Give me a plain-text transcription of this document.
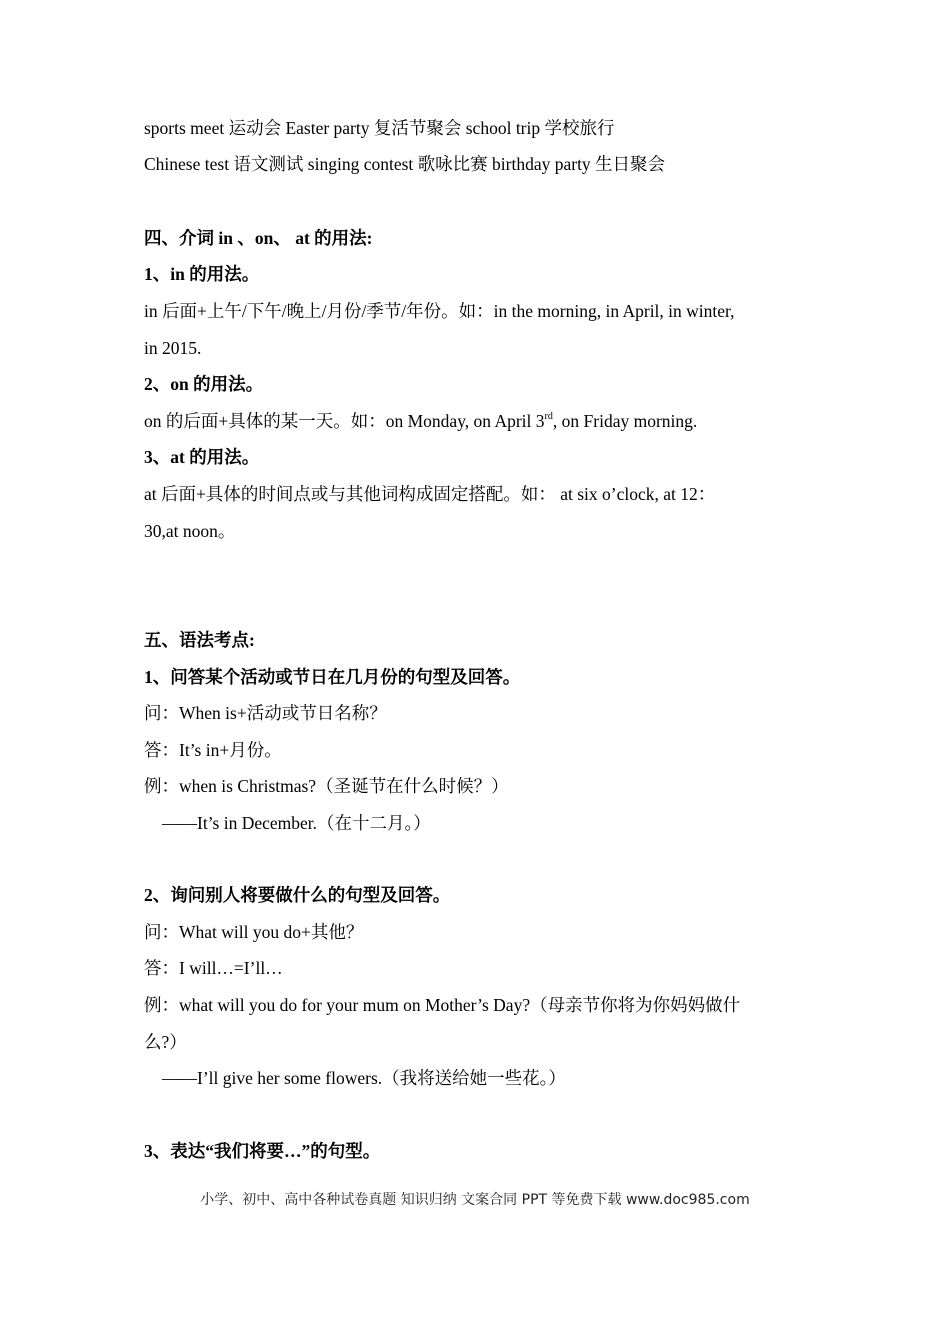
sports meet 运动会 Easter party 复活节聚会 school trip 学校旅行
Chinese test 语文测试 singing contest 歌咏比赛 birthday party 生日聚会
四、介词 in 、on、 at 的用法:
1、in 的用法。
in 后面+上午/下午/晚上/月份/季节/年份。如：in the morning, in April, in winter,
in 2015.
2、on 的用法。
on 的后面+具体的某一天。如：on Monday, on April 3rd, on Friday morning.
3、at 的用法。
at 后面+具体的时间点或与其他词构成固定搭配。如： at six o’clock, at 12：
30,at noon。
五、语法考点:
1、问答某个活动或节日在几月份的句型及回答。
问：When is+活动或节日名称？
答：It’s in+月份。
例：when is Christmas?（圣诞节在什么时候？）
——It’s in December.（在十二月。）
2、询问别人将要做什么的句型及回答。
问：What will you do+其他？
答：I will…=I’ll…
例：what will you do for your mum on Mother’s Day?（母亲节你将为你妈妈做什
么?）
——I’ll give her some flowers.（我将送给她一些花。）
3、表达“我们将要…”的句型。
小学、初中、高中各种试卷真题 知识归纳 文案合同 PPT 等免费下载 www.doc985.com
